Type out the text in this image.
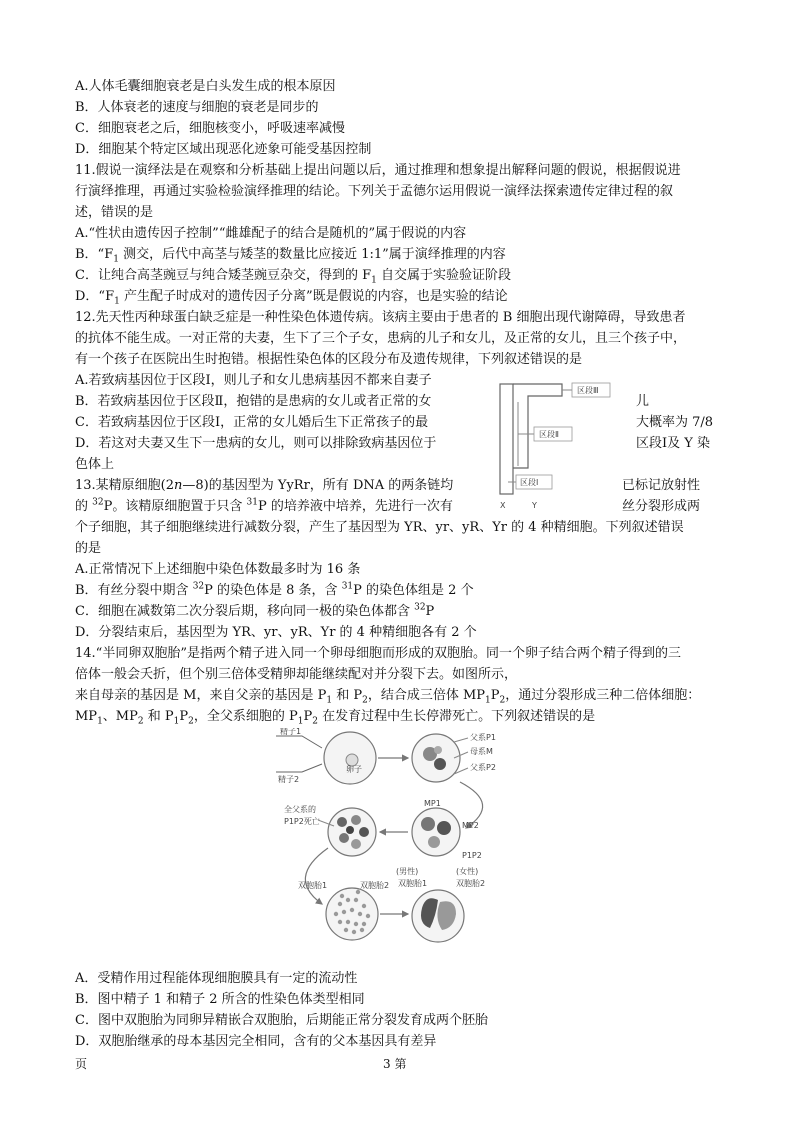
A.人体毛囊细胞衰老是白头发生成的根本原因
B．人体衰老的速度与细胞的衰老是同步的
C．细胞衰老之后，细胞核变小，呼吸速率减慢
D．细胞某个特定区域出现恶化迹象可能受基因控制
11.假说一演绎法是在观察和分析基础上提出问题以后，通过推理和想象提出解释问题的假说，根据假说进
行演绎推理，再通过实验检验演绎推理的结论。下列关于孟德尔运用假说一演绎法探索遗传定律过程的叙
述，错误的是
A.“性状由遗传因子控制”“雌雄配子的结合是随机的”属于假说的内容
B．“$F_1$ 测交，后代中高茎与矮茎的数量比应接近 1:1”属于演绎推理的内容
C．让纯合高茎豌豆与纯合矮茎豌豆杂交，得到的 $F_1$ 自交属于实验验证阶段
D．“$F_1$ 产生配子时成对的遗传因子分离”既是假说的内容，也是实验的结论
12.先天性丙种球蛋白缺乏症是一种性染色体遗传病。该病主要由于患者的 B 细胞出现代谢障碍，导致患者
的抗体不能生成。一对正常的夫妻，生下了三个子女，患病的儿子和女儿，及正常的女儿，且三个孩子中，
有一个孩子在医院出生时抱错。根据性染色体的区段分布及遗传规律，下列叙述错误的是
A.若致病基因位于区段Ⅰ，则儿子和女儿患病基因不都来自妻子
B．若致病基因位于区段Ⅱ，抱错的是患病的女儿或者正常的女	儿
C．若致病基因位于区段Ⅰ，正常的女儿婚后生下正常孩子的最	大概率为 7/8
D．若这对夫妻又生下一患病的女儿，则可以排除致病基因位于	区段Ⅰ及 Y 染
色体上
区段Ⅲ
区段Ⅱ
区段Ⅰ
X	Y
13.某精原细胞(2n—8)的基因型为 YyRr，所有 DNA 的两条链均	已标记放射性
的 $^{32}$P。该精原细胞置于只含 $^{31}$P 的培养液中培养，先进行一次有	丝分裂形成两
个子细胞，其子细胞继续进行减数分裂，产生了基因型为 YR、yr、yR、Yr 的 4 种精细胞。下列叙述错误
的是
A.正常情况下上述细胞中染色体数最多时为 16 条
B．有丝分裂中期含 $^{32}$P 的染色体是 8 条，含 $^{31}$P 的染色体组是 2 个
C．细胞在减数第二次分裂后期，移向同一极的染色体都含 $^{32}$P
D．分裂结束后，基因型为 YR、yr、yR、Yr 的 4 种精细胞各有 2 个
14.“半同卵双胞胎”是指两个精子进入同一个卵母细胞而形成的双胞胎。同一个卵子结合两个精子得到的三
倍体一般会夭折，但个别三倍体受精卵却能继续配对并分裂下去。如图所示，
来自母亲的基因是 M，来自父亲的基因是 $P_1$ 和 $P_2$，结合成三倍体 $MP_1P_2$，通过分裂形成三种二倍体细胞：
$MP_1$、$MP_2$ 和 $P_1P_2$，全父系细胞的 $P_1P_2$ 在发育过程中生长停滞死亡。下列叙述错误的是
精子1
精子2
卵子
父系P1
母系M
父系P2
MP1
MP2
P1P2
全父系的
P1P2死亡
双胞胎1	双胞胎2
(男性)	(女性)
双胞胎1	双胞胎2
A．受精作用过程能体现细胞膜具有一定的流动性
B．图中精子 1 和精子 2 所含的性染色体类型相同
C．图中双胞胎为同卵异精嵌合双胞胎，后期能正常分裂发育成两个胚胎
D．双胞胎继承的母本基因完全相同，含有的父本基因具有差异
页	3 第
